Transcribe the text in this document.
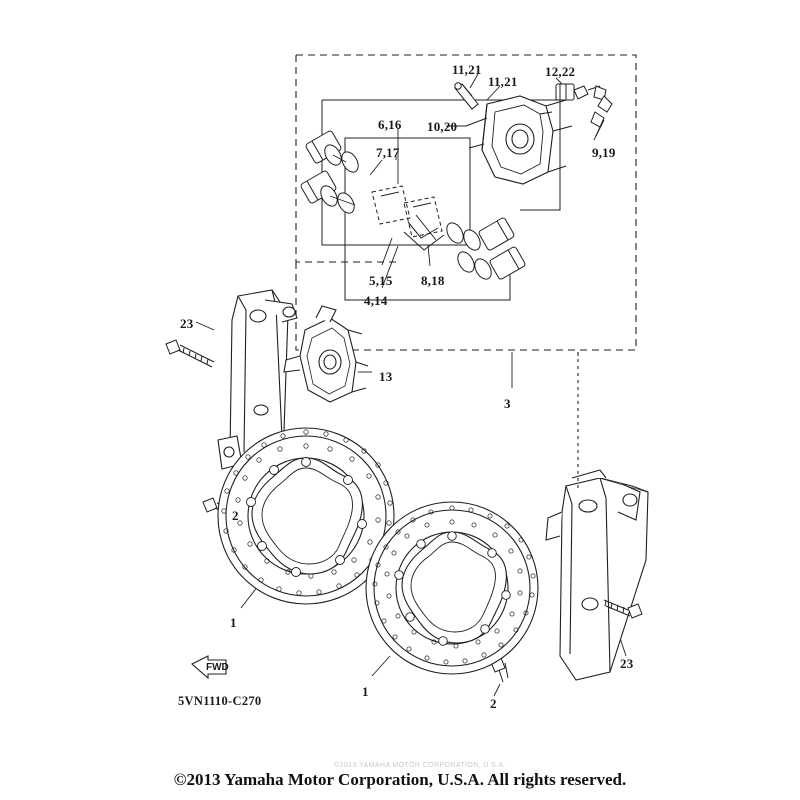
11,21
11,21
12,22
10,20
6,16
7,17	9,19
5,15 8,18
4,14
23
13
3
1
1
2
2
23
FWD
5VN1110-C270
©2013 YAMAHA MOTOR CORPORATION, U.S.A.
©2013 Yamaha Motor Corporation, U.S.A. All rights reserved.
